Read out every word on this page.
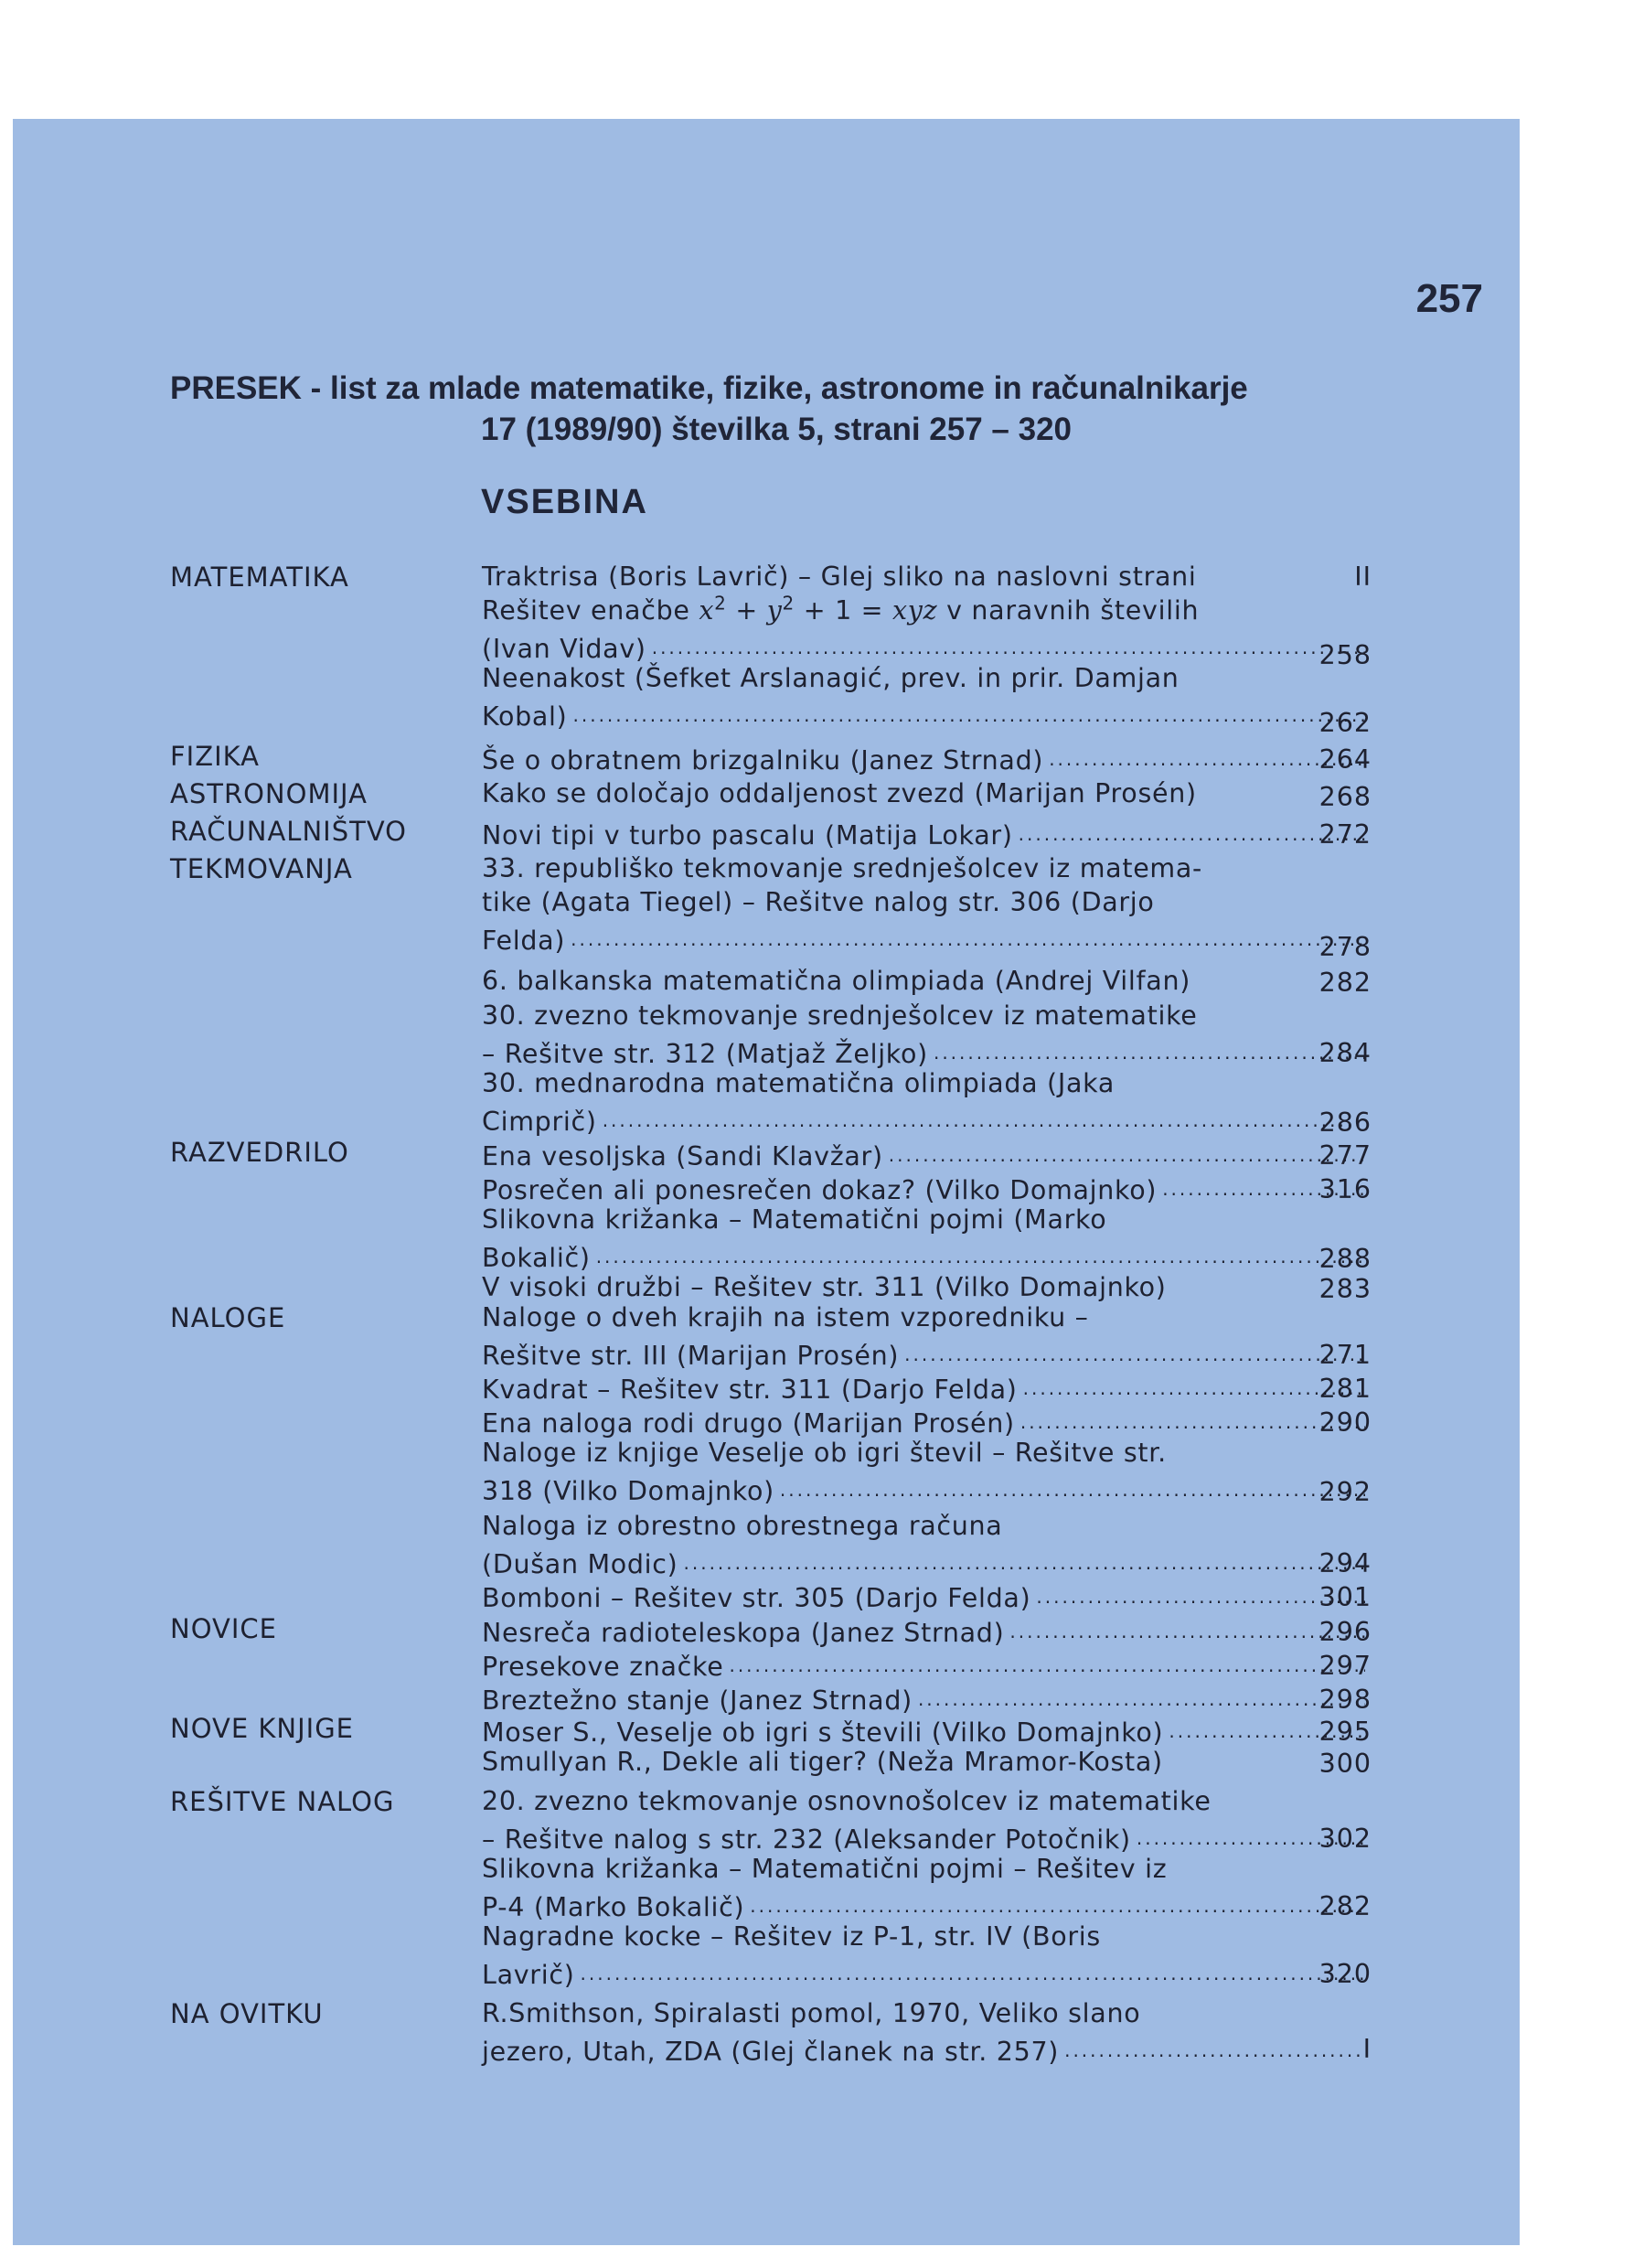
257
PRESEK - list za mlade matematike, fizike, astronome in računalnikarje
17 (1989/90) številka 5, strani 257 – 320
VSEBINA
MATEMATIKA
FIZIKA
ASTRONOMIJA
RAČUNALNIŠTVO
TEKMOVANJA
RAZVEDRILO
NALOGE
NOVICE
NOVE KNJIGE
REŠITVE NALOG
NA OVITKU
Traktrisa (Boris Lavrič) – Glej sliko na naslovni strani
Rešitev enačbe $x^2 + y^2 + 1$ = xyz v naravnih številih
(Ivan Vidav)
.....
Neenakost (Šefket Arslanagić, prev. in prir. Damjan
Kobal)
.....
Še o obratnem brizgalniku (Janez Strnad)
.....
Kako se določajo oddaljenost zvezd (Marijan Prosén)
Novi tipi v turbo pascalu (Matija Lokar)
.....
33. republiško tekmovanje srednješolcev iz matema-
tike (Agata Tiegel) – Rešitve nalog str. 306 (Darjo
Felda)
.....
6. balkanska matematična olimpiada (Andrej Vilfan)
30. zvezno tekmovanje srednješolcev iz matematike
– Rešitve str. 312 (Matjaž Željko)
.....
30. mednarodna matematična olimpiada (Jaka
Cimprič)
.....
Ena vesoljska (Sandi Klavžar)
.....
Posrečen ali ponesrečen dokaz? (Vilko Domajnko)
.....
Slikovna križanka – Matematični pojmi (Marko
Bokalič)
.....
V visoki družbi – Rešitev str. 311 (Vilko Domajnko)
Naloge o dveh krajih na istem vzporedniku –
Rešitve str. III (Marijan Prosén)
.....
Kvadrat – Rešitev str. 311 (Darjo Felda)
.....
Ena naloga rodi drugo (Marijan Prosén)
.....
Naloge iz knjige Veselje ob igri števil – Rešitve str.
318 (Vilko Domajnko)
.....
Naloga iz obrestno obrestnega računa
(Dušan Modic)
.....
Bomboni – Rešitev str. 305 (Darjo Felda)
.....
Nesreča radioteleskopa (Janez Strnad)
.....
Presekove značke
.....
Breztežno stanje (Janez Strnad)
.....
Moser S., Veselje ob igri s števili (Vilko Domajnko)
.....
Smullyan R., Dekle ali tiger? (Neža Mramor-Kosta)
20. zvezno tekmovanje osnovnošolcev iz matematike
– Rešitve nalog s str. 232 (Aleksander Potočnik)
.....
Slikovna križanka – Matematični pojmi – Rešitev iz
P-4 (Marko Bokalič)
.....
Nagradne kocke – Rešitev iz P-1, str. IV (Boris
Lavrič)
.....
R.Smithson, Spiralasti pomol, 1970, Veliko slano
jezero, Utah, ZDA (Glej članek na str. 257)
.....
II
258
262
264
268
272
278
282
284
286
277
316
288
283
271
281
290
292
294
301
296
297
298
295
300
302
282
320
I
